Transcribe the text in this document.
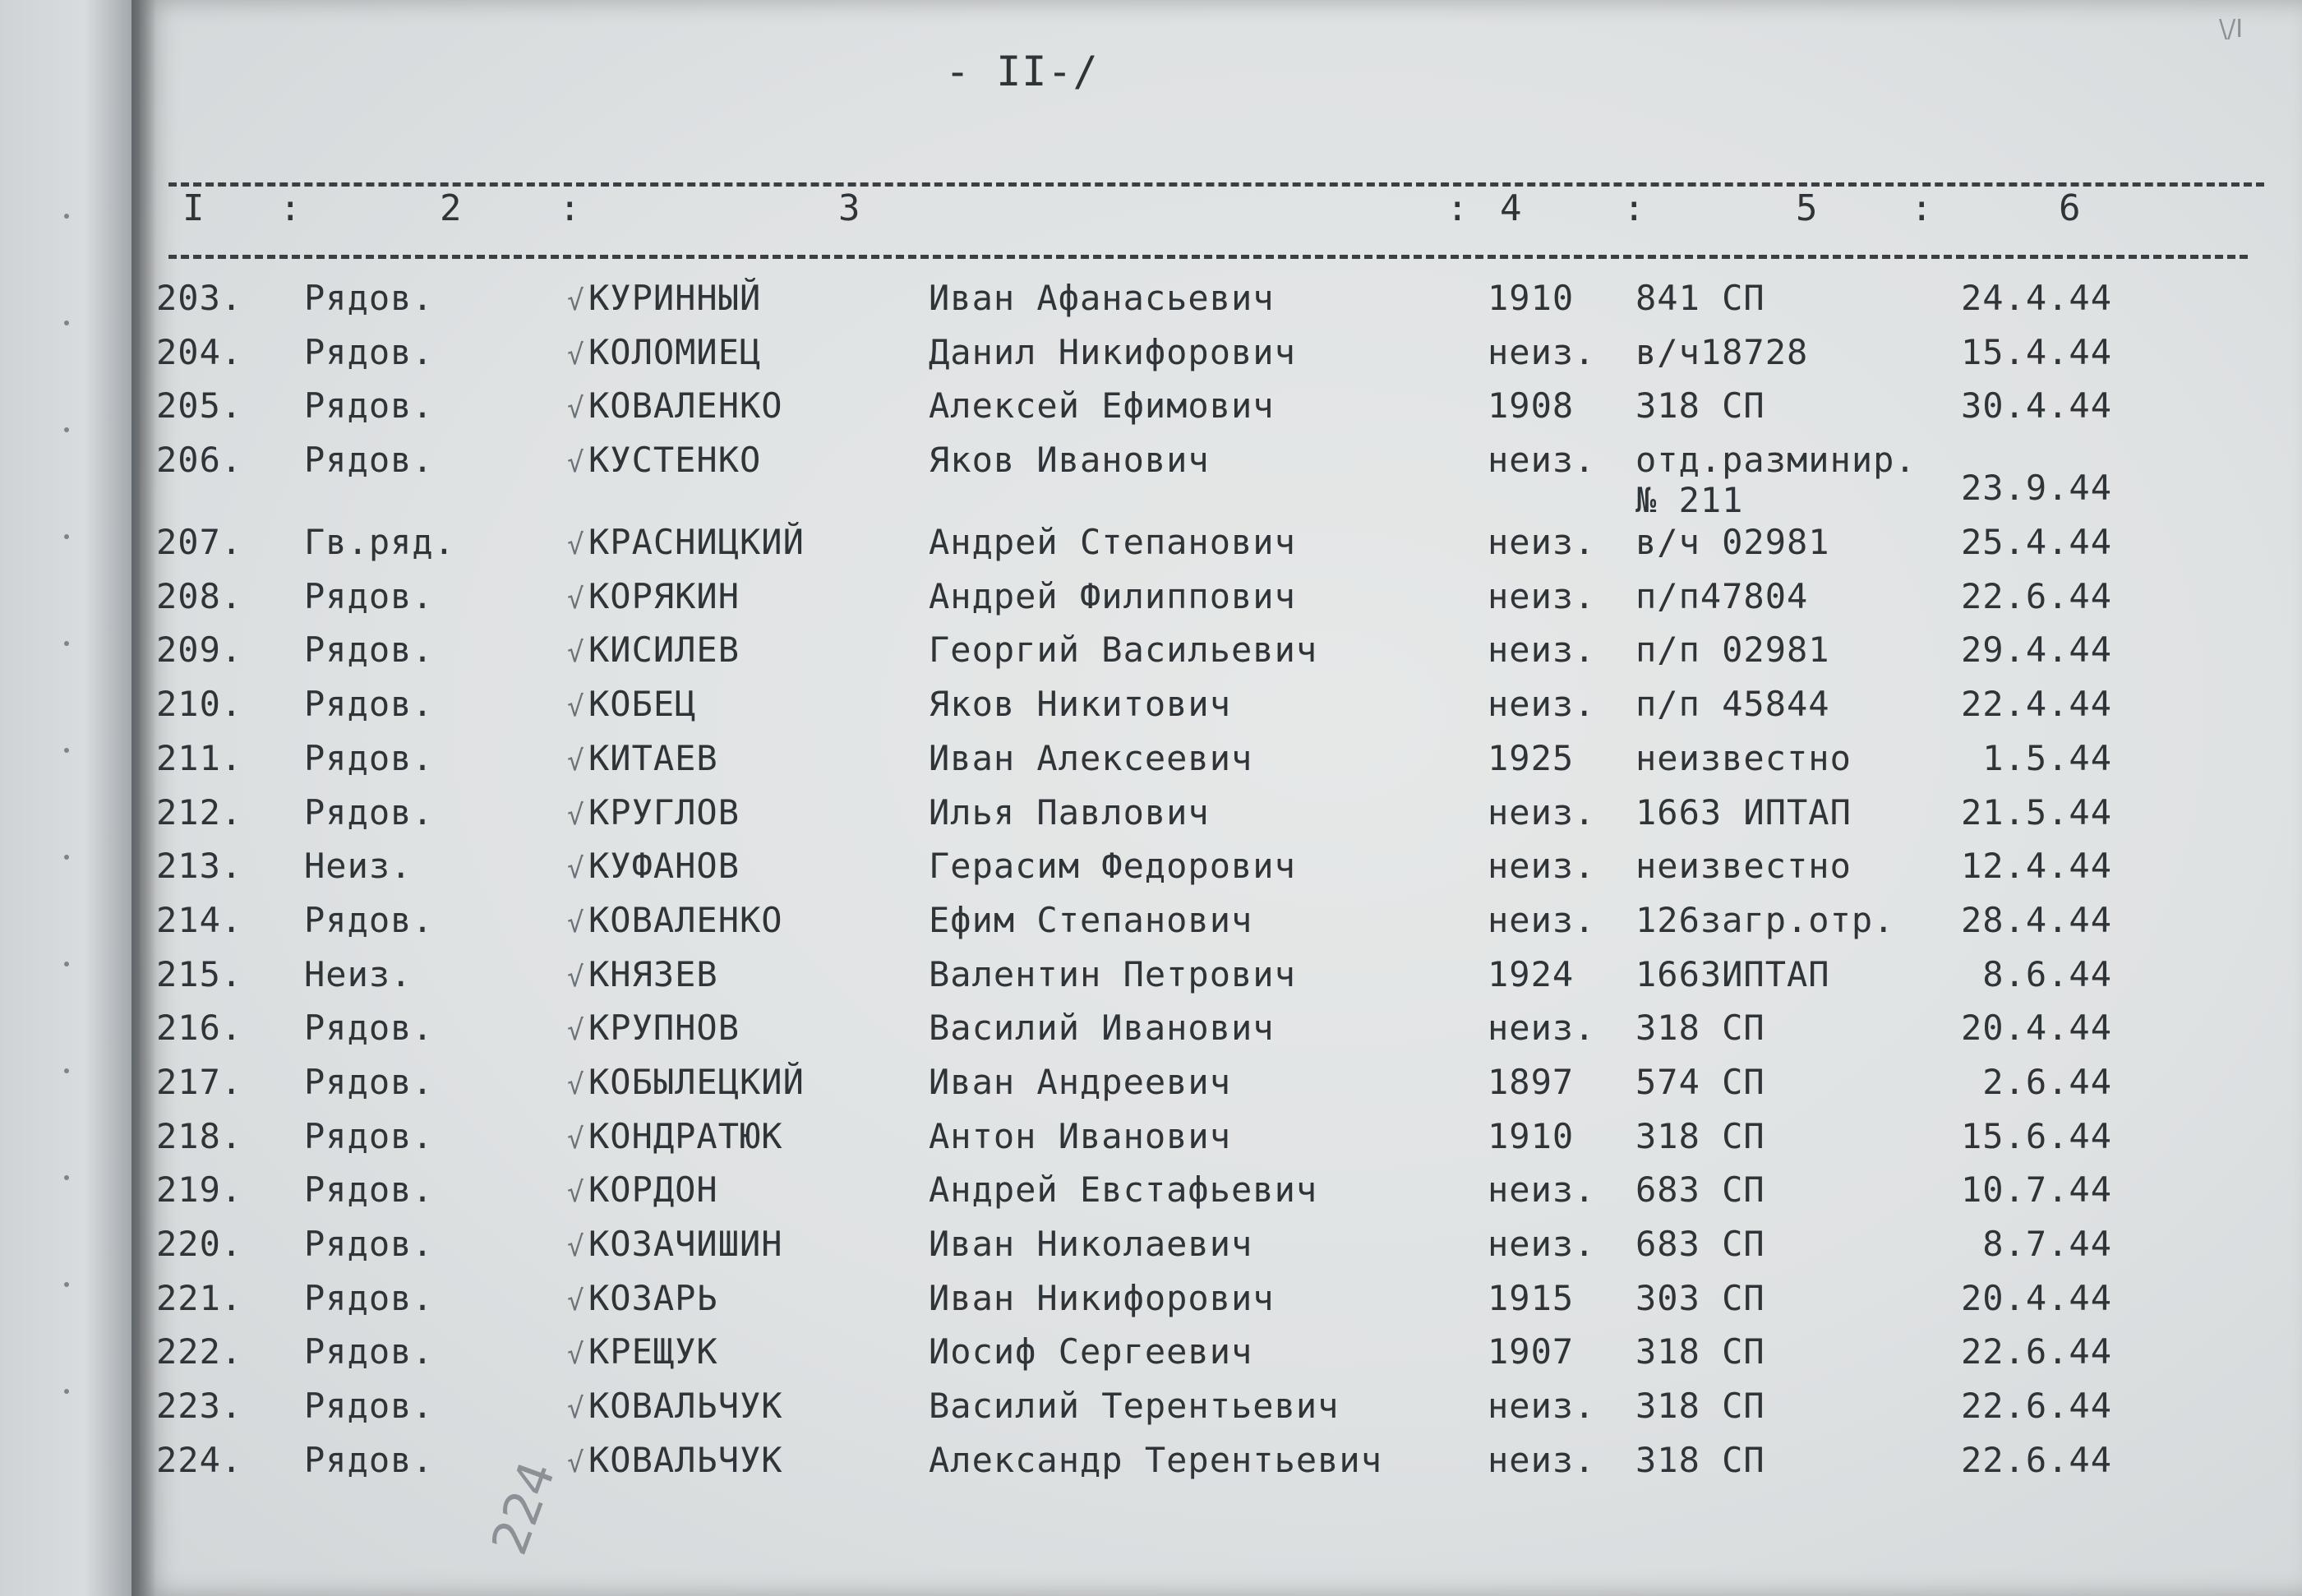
- II-/
\/I
I :	2	:	3	: 4	:	5	:	6
203.	Рядов.	√ КУРИННЫЙ	Иван Афанасьевич	1910	841 СП	24.4.44
204.	Рядов.	√ КОЛОМИЕЦ	Данил Никифорович	неиз.	в/ч18728	15.4.44
205.	Рядов.	√ КОВАЛЕНКО	Алексей Ефимович	1908	318 СП	30.4.44
206.	Рядов.	√ КУСТЕНКО	Яков Иванович	неиз.	отд.разминир.
№ 211	23.9.44

207.	Гв.ряд.	√ КРАСНИЦКИЙ	Андрей Степанович	неиз.	в/ч 02981	25.4.44
208.	Рядов.	√ КОРЯКИН	Андрей Филиппович	неиз.	п/п47804	22.6.44
209.	Рядов.	√ КИСИЛЕВ	Георгий Васильевич	неиз.	п/п 02981	29.4.44
210.	Рядов.	√ КОБЕЦ	Яков Никитович	неиз.	п/п 45844	22.4.44
211.	Рядов.	√ КИТАЕВ	Иван Алексеевич	1925	неизвестно	1.5.44
212.	Рядов.	√ КРУГЛОВ	Илья Павлович	неиз.	1663 ИПТАП	21.5.44
213.	Неиз.	√ КУФАНОВ	Герасим Федорович	неиз.	неизвестно	12.4.44
214.	Рядов.	√ КОВАЛЕНКО	Ефим Степанович	неиз.	126загр.отр.	28.4.44
215.	Неиз.	√ КНЯЗЕВ	Валентин Петрович	1924	1663ИПТАП	8.6.44
216.	Рядов.	√ КРУПНОВ	Василий Иванович	неиз.	318 СП	20.4.44
217.	Рядов.	√ КОБЫЛЕЦКИЙ	Иван Андреевич	1897	574 СП	2.6.44
218.	Рядов.	√ КОНДРАТЮК	Антон Иванович	1910	318 СП	15.6.44
219.	Рядов.	√ КОРДОН	Андрей Евстафьевич	неиз.	683 СП	10.7.44
220.	Рядов.	√ КОЗАЧИШИН	Иван Николаевич	неиз.	683 СП	8.7.44
221.	Рядов.	√ КОЗАРЬ	Иван Никифорович	1915	303 СП	20.4.44
222.	Рядов.	√ КРЕЩУК	Иосиф Сергеевич	1907	318 СП	22.6.44
223.	Рядов.	√ КОВАЛЬЧУК	Василий Терентьевич	неиз.	318 СП	22.6.44
224.	Рядов.	√ КОВАЛЬЧУК	Александр Терентьевич	неиз.	318 СП	22.6.44
224
